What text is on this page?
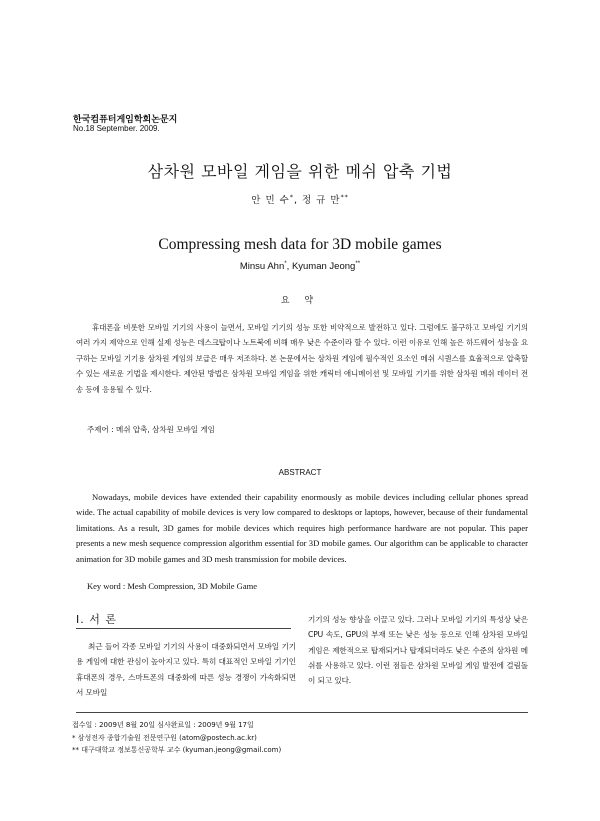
한국컴퓨터게임학회논문지
No.18 September. 2009.
삼차원 모바일 게임을 위한 메쉬 압축 기법
안 민 수*, 정 규 만**
Compressing mesh data for 3D mobile games
Minsu Ahn*, Kyuman Jeong**
요 약
휴대폰을 비롯한 모바일 기기의 사용이 늘면서, 모바일 기기의 성능 또한 비약적으로 발전하고 있다. 그럼에도 불구하고 모바일 기기의 여러 가지 제약으로 인해 실제 성능은 데스크탑이나 노트북에 비해 매우 낮은 수준이라 할 수 있다. 이런 이유로 인해 높은 하드웨어 성능을 요구하는 모바일 기기용 삼차원 게임의 보급은 매우 저조하다. 본 논문에서는 삼차원 게임에 필수적인 요소인 메쉬 시퀀스를 효율적으로 압축할 수 있는 새로운 기법을 제시한다. 제안된 방법은 삼차원 모바일 게임을 위한 캐릭터 애니메이션 및 모바일 기기를 위한 삼차원 메쉬 데이터 전송 등에 응용될 수 있다.
주제어 : 메쉬 압축, 삼차원 모바일 게임
ABSTRACT
Nowadays, mobile devices have extended their capability enormously as mobile devices including cellular phones spread wide. The actual capability of mobile devices is very low compared to desktops or laptops, however, because of their fundamental limitations. As a result, 3D games for mobile devices which requires high performance hardware are not popular. This paper presents a new mesh sequence compression algorithm essential for 3D mobile games. Our algorithm can be applicable to character animation for 3D mobile games and 3D mesh transmission for mobile devices.
Key word : Mesh Compression, 3D Mobile Game
Ⅰ. 서 론
최근 들어 각종 모바일 기기의 사용이 대중화되면서 모바일 기기용 게임에 대한 관심이 높아지고 있다. 특히 대표적인 모바일 기기인 휴대폰의 경우, 스마트폰의 대중화에 따른 성능 경쟁이 가속화되면서 모바일
기기의 성능 향상을 이끌고 있다. 그러나 모바일 기기의 특성상 낮은 CPU 속도, GPU의 부재 또는 낮은 성능 등으로 인해 삼차원 모바일 게임은 제한적으로 탑재되거나 탑재되더라도 낮은 수준의 삼차원 메쉬를 사용하고 있다. 이런 점들은 삼차원 모바일 게임 발전에 걸림돌이 되고 있다.
접수일 : 2009년 8월 20일 심사완료일 : 2009년 9월 17일
* 삼성전자 종합기술원 전문연구원 (atom@postech.ac.kr)
** 대구대학교 정보통신공학부 교수 (kyuman.jeong@gmail.com)
